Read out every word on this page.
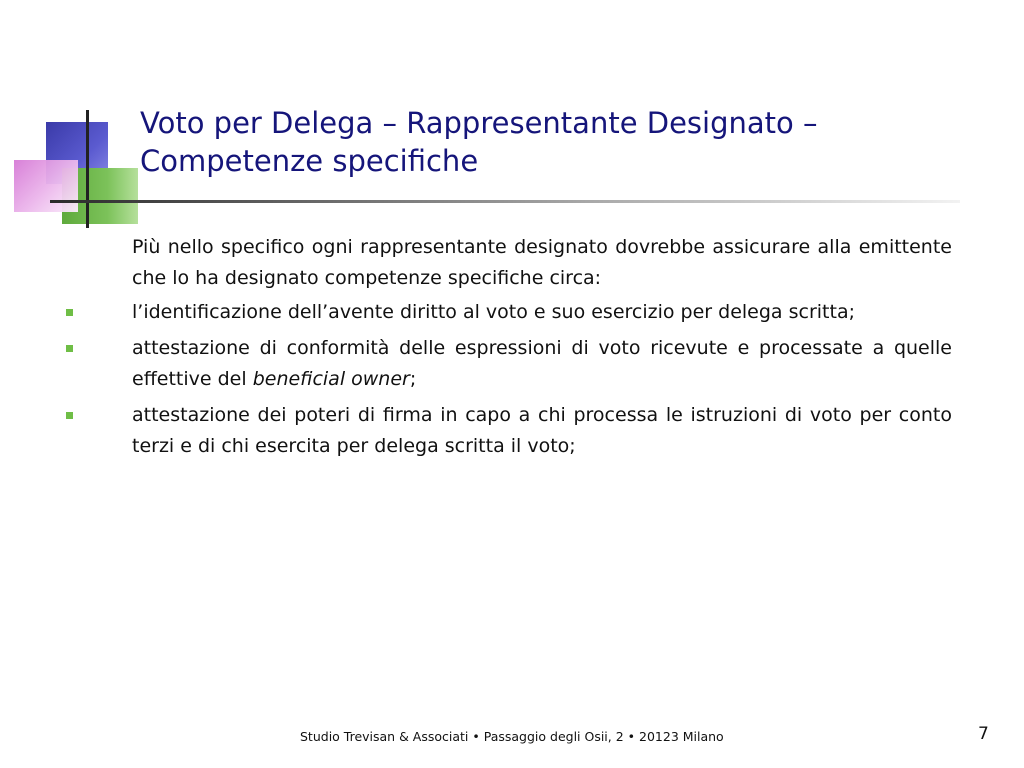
Voto per Delega – Rappresentante Designato –
Competenze specifiche

Più nello specifico ogni rappresentante designato dovrebbe assicurare alla emittente che lo ha designato competenze specifiche circa:

l’identificazione dell’avente diritto al voto e suo esercizio per delega scritta;

attestazione di conformità delle espressioni di voto ricevute e processate a quelle effettive del beneficial owner;

attestazione dei poteri di firma in capo a chi processa le istruzioni di voto per conto terzi e di chi esercita per delega scritta il voto;

Studio Trevisan & Associati • Passaggio degli Osii, 2 • 20123 Milano	7
